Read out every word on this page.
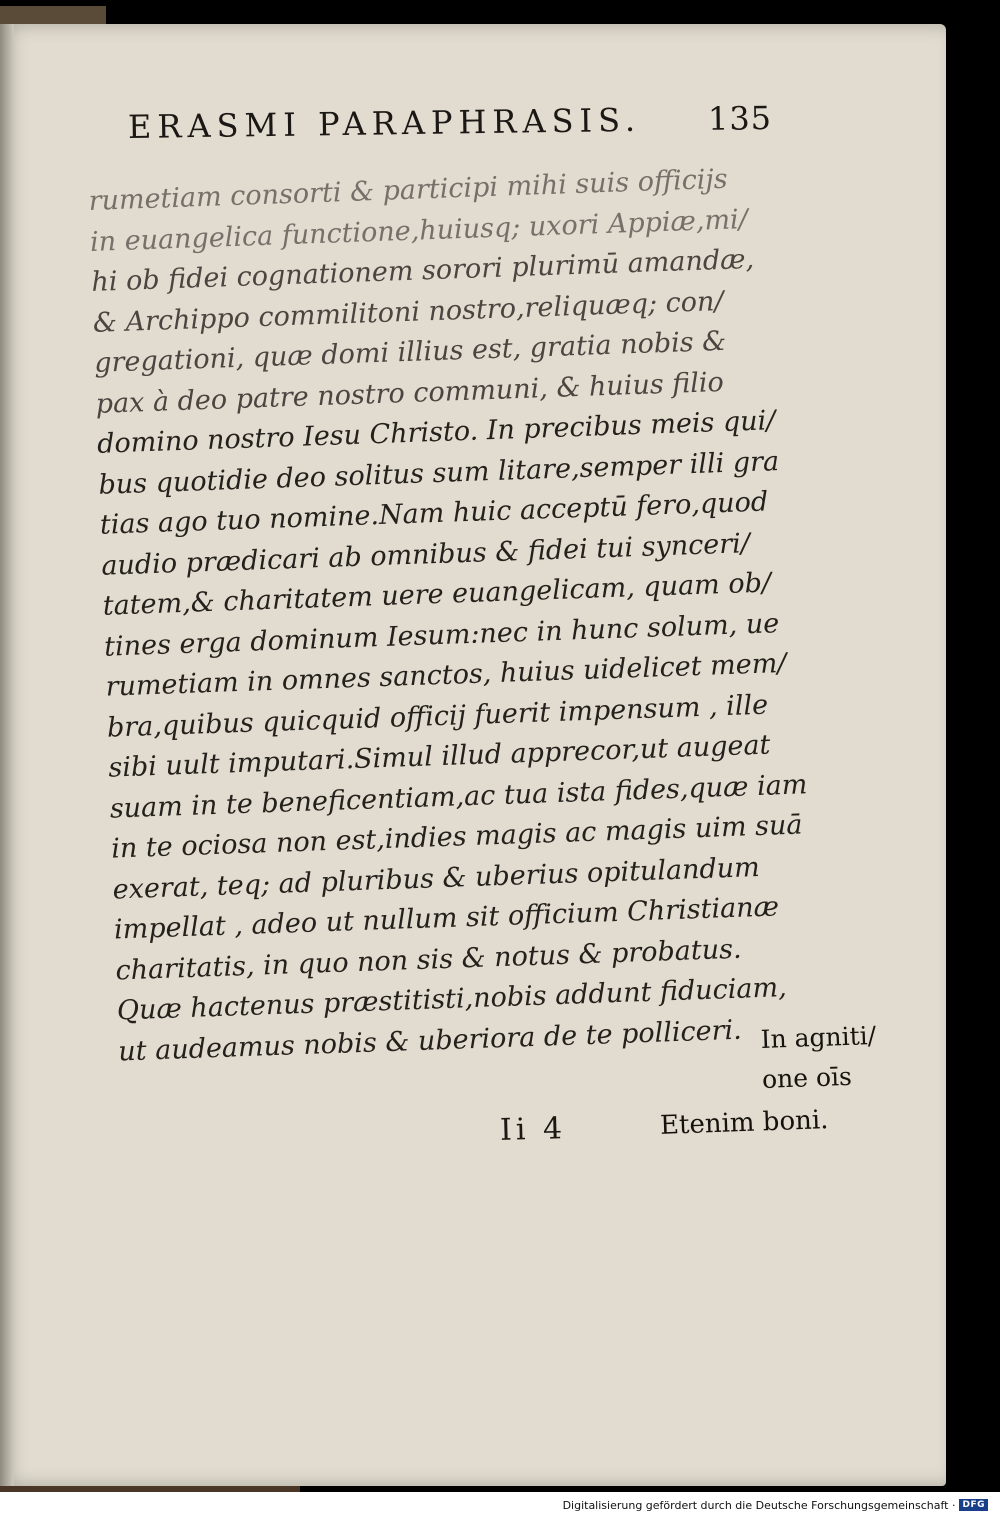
ERASMI PARAPHRASIS. 135
rumetiam consorti & participi mihi suis officijs
in euangelica functione,huiusq; uxori Appiæ,mi/
hi ob fidei cognationem sorori plurimū amandæ,
& Archippo commilitoni nostro,reliquæq; con/
gregationi, quæ domi illius est, gratia nobis &
pax à deo patre nostro communi, & huius filio
domino nostro Iesu Christo. In precibus meis qui/
bus quotidie deo solitus sum litare,semper illi gra
tias ago tuo nomine.Nam huic acceptū fero,quod
audio prædicari ab omnibus & fidei tui synceri/
tatem,& charitatem uere euangelicam, quam ob/
tines erga dominum Iesum:nec in hunc solum, ue
rumetiam in omnes sanctos, huius uidelicet mem/
bra,quibus quicquid officij fuerit impensum , ille
sibi uult imputari.Simul illud apprecor,ut augeat
suam in te beneficentiam,ac tua ista fides,quæ iam
in te ociosa non est,indies magis ac magis uim suā
exerat, teq; ad pluribus & uberius opitulandum
impellat , adeo ut nullum sit officium Christianæ
charitatis, in quo non sis & notus & probatus.
Quæ hactenus præstitisti,nobis addunt fiduciam,
ut audeamus nobis & uberiora de te polliceri. In agniti/
one oīs
Ii 4	Etenim boni.
Digitalisierung gefördert durch die Deutsche Forschungsgemeinschaft · DFG
